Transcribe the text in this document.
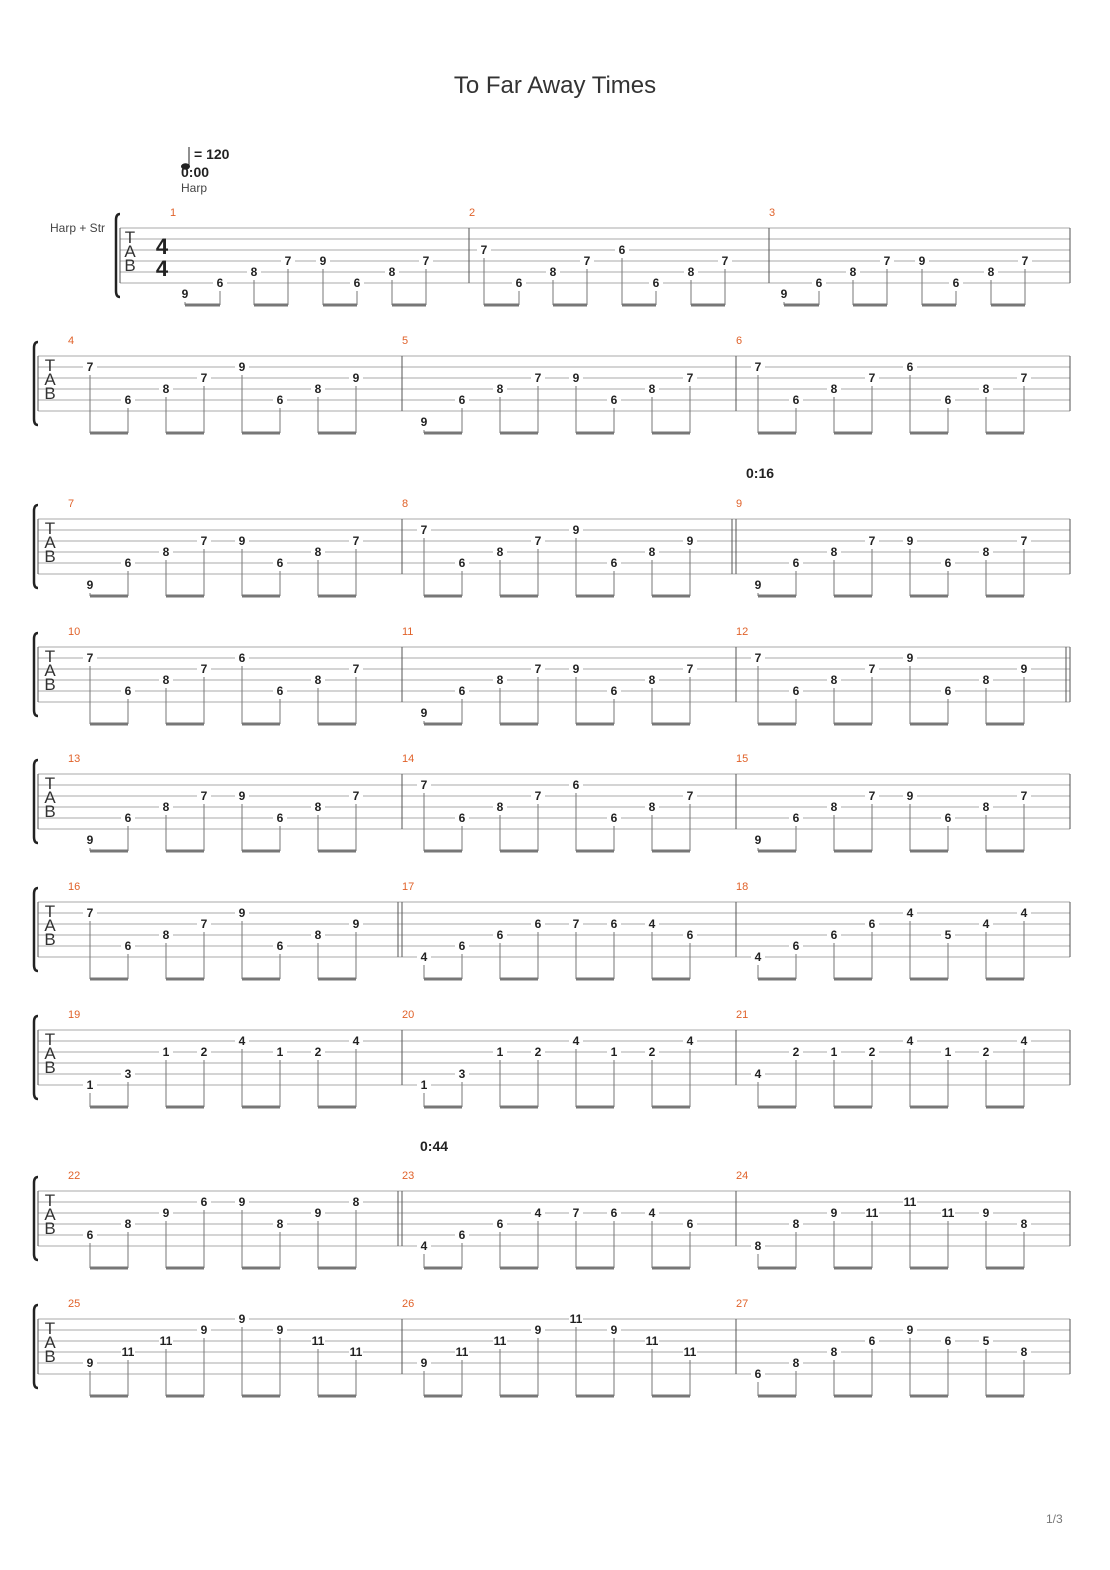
To Far Away Times
= 120
0:00
Harp
Harp + Str T
A
B
4
4
1
9
6
8
7 9
6
8
7
2
7
6
8
7
6
6
8
7
3
9
6
8
7 9
6
8
7
T
A
B
4
7
6
8
7
9
6
8
9
5
9
6
8
7	9
6
8
7
6
7
6
8
7
6
6
8
7
T
A
B
7
9
6
8
7	9
6
8
7
8
7
6
8
7
9
6
8
9
9
9
6
8
7	9
6
8
7
T
A
B
10
7
6
8
7
6
6
8
7
11
9
6
8
7	9
6
8
7
12
7
6
8
7
9
6
8
9
T
A
B
13
9
6
8
7	9
6
8
7
14
7
6
8
7
6
6
8
7
15
9
6
8
7	9
6
8
7
T
A
B
16
7
6
8
7
9
6
8
9
17
4
6
6
6	7	6	4
6
18
4
6
6
6
4
5
4
4
T
A
B
19
1
3
1	2
4
1	2
4
20
1
3
1	2
4
1	2
4
21
4
2	1	2
4
1	2
4
T
A
B
22
6
8
9
6	9
8
9
8
23
4
6
6
4	7	6	4
6
24
8
8
9 11
11
11 9
8
T
A
B
25
9
11
11
9
9
9
11
11
26
9
11
11
9
11
9
11
11
27
6
8
8
6
9
6	5
8
0:16
0:44
1/3
